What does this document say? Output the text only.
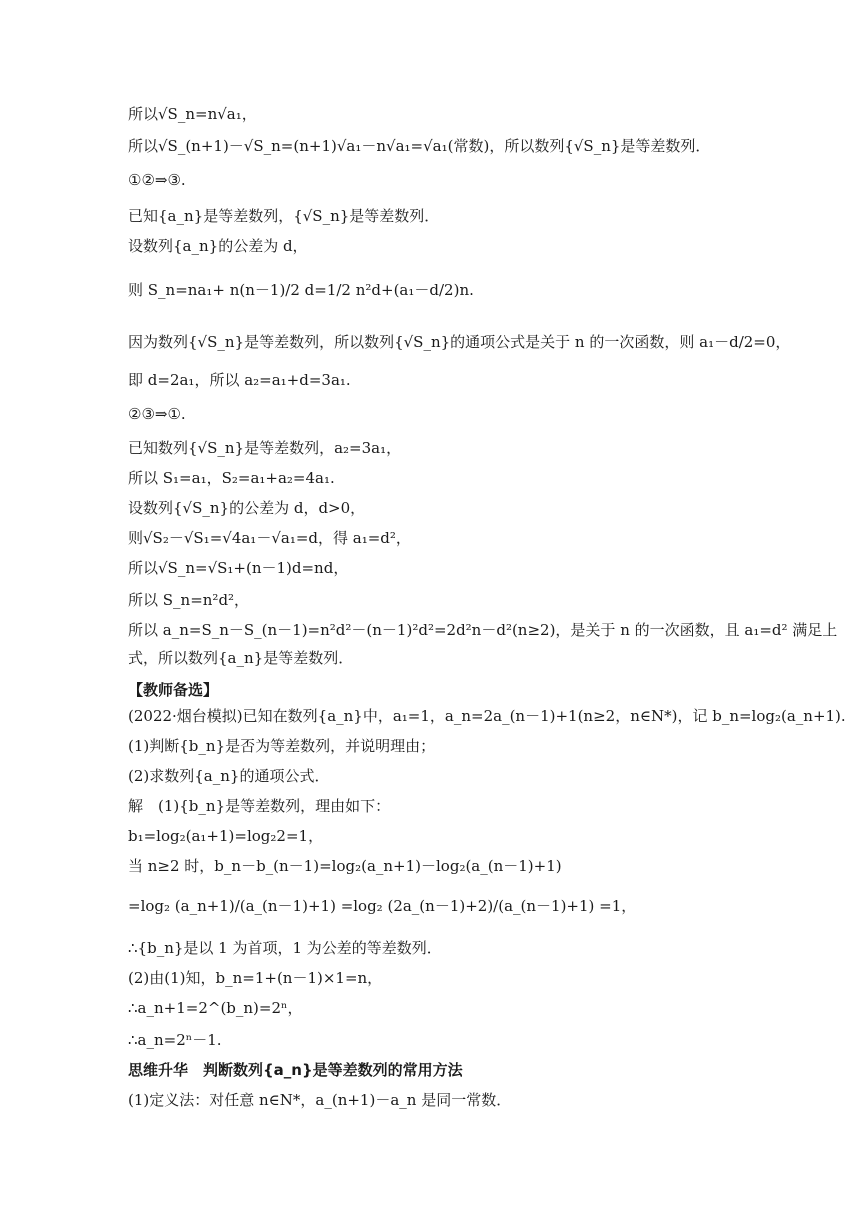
所以√S_n=n√a₁，
所以√S_(n+1)－√S_n=(n+1)√a₁－n√a₁=√a₁(常数)，所以数列{√S_n}是等差数列．
①②⇒③.
已知{a_n}是等差数列，{√S_n}是等差数列．
设数列{a_n}的公差为 d，
则 S_n=na₁+ n(n－1)/2 d=1/2 n²d+(a₁－d/2)n.
因为数列{√S_n}是等差数列，所以数列{√S_n}的通项公式是关于 n 的一次函数，则 a₁－d/2=0，
即 d=2a₁，所以 a₂=a₁+d=3a₁.
②③⇒①.
已知数列{√S_n}是等差数列，a₂=3a₁，
所以 S₁=a₁，S₂=a₁+a₂=4a₁.
设数列{√S_n}的公差为 d，d>0，
则√S₂－√S₁=√4a₁－√a₁=d，得 a₁=d²，
所以√S_n=√S₁+(n－1)d=nd，
所以 S_n=n²d²，
所以 a_n=S_n－S_(n－1)=n²d²－(n－1)²d²=2d²n－d²(n≥2)，是关于 n 的一次函数，且 a₁=d² 满足上
式，所以数列{a_n}是等差数列．
【教师备选】
(2022·烟台模拟)已知在数列{a_n}中，a₁=1，a_n=2a_(n－1)+1(n≥2，n∈N*)，记 b_n=log₂(a_n+1).
(1)判断{b_n}是否为等差数列，并说明理由；
(2)求数列{a_n}的通项公式．
解　(1){b_n}是等差数列，理由如下：
b₁=log₂(a₁+1)=log₂2=1，
当 n≥2 时，b_n－b_(n－1)=log₂(a_n+1)－log₂(a_(n－1)+1)
=log₂ (a_n+1)/(a_(n－1)+1) =log₂ (2a_(n－1)+2)/(a_(n－1)+1) =1，
∴{b_n}是以 1 为首项，1 为公差的等差数列．
(2)由(1)知，b_n=1+(n－1)×1=n，
∴a_n+1=2^(b_n)=2ⁿ，
∴a_n=2ⁿ－1.
思维升华　判断数列{a_n}是等差数列的常用方法
(1)定义法：对任意 n∈N*，a_(n+1)－a_n 是同一常数．
